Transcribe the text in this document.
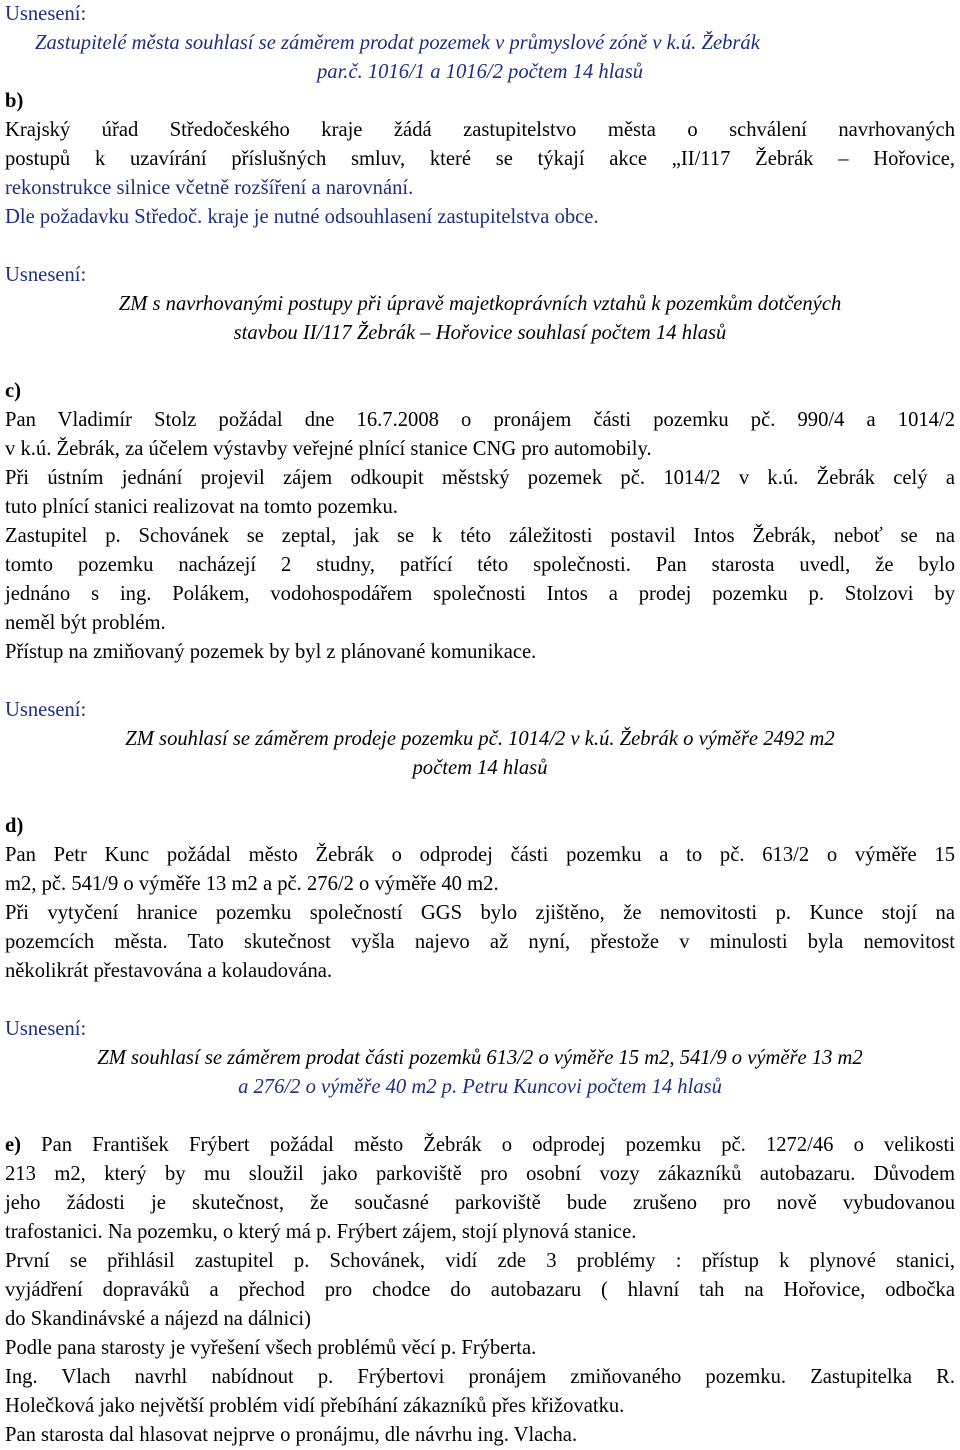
Usnesení:
Zastupitelé města souhlasí se záměrem prodat pozemek v průmyslové zóně v k.ú. Žebrák
par.č. 1016/1 a 1016/2 počtem 14 hlasů
b)
Krajský úřad Středočeského kraje žádá zastupitelstvo města o schválení navrhovaných
postupů k uzavírání příslušných smluv, které se týkají akce „II/117 Žebrák – Hořovice,
rekonstrukce silnice včetně rozšíření a narovnání.
Dle požadavku Středoč. kraje je nutné odsouhlasení zastupitelstva obce.
Usnesení:
ZM s navrhovanými postupy při úpravě majetkoprávních vztahů k pozemkům dotčených
stavbou II/117 Žebrák – Hořovice souhlasí počtem 14 hlasů
c)
Pan Vladimír Stolz požádal dne 16.7.2008 o pronájem části pozemku pč. 990/4 a 1014/2
v k.ú. Žebrák, za účelem výstavby veřejné plnící stanice CNG pro automobily.
Při ústním jednání projevil zájem odkoupit městský pozemek pč. 1014/2 v k.ú. Žebrák celý a
tuto plnící stanici realizovat na tomto pozemku.
Zastupitel p. Schovánek se zeptal, jak se k této záležitosti postavil Intos Žebrák, neboť se na
tomto pozemku nacházejí 2 studny, patřící této společnosti. Pan starosta uvedl, že bylo
jednáno s ing. Polákem, vodohospodářem společnosti Intos a prodej pozemku p. Stolzovi by
neměl být problém.
Přístup na zmiňovaný pozemek by byl z plánované komunikace.
Usnesení:
ZM souhlasí se záměrem prodeje pozemku pč. 1014/2 v k.ú. Žebrák o výměře 2492 m2
počtem 14 hlasů
d)
Pan Petr Kunc požádal město Žebrák o odprodej části pozemku a to pč. 613/2 o výměře 15
m2, pč. 541/9 o výměře 13 m2 a pč. 276/2 o výměře 40 m2.
Při vytyčení hranice pozemku společností GGS bylo zjištěno, že nemovitosti p. Kunce stojí na
pozemcích města. Tato skutečnost vyšla najevo až nyní, přestože v minulosti byla nemovitost
několikrát přestavována a kolaudována.
Usnesení:
ZM souhlasí se záměrem prodat části pozemků 613/2 o výměře 15 m2, 541/9 o výměře 13 m2
a 276/2 o výměře 40 m2 p. Petru Kuncovi počtem 14 hlasů
e) Pan František Frýbert požádal město Žebrák o odprodej pozemku pč. 1272/46 o velikosti
213 m2, který by mu sloužil jako parkoviště pro osobní vozy zákazníků autobazaru. Důvodem
jeho žádosti je skutečnost, že současné parkoviště bude zrušeno pro nově vybudovanou
trafostanici. Na pozemku, o který má p. Frýbert zájem, stojí plynová stanice.
První se přihlásil zastupitel p. Schovánek, vidí zde 3 problémy : přístup k plynové stanici,
vyjádření dopraváků a přechod pro chodce do autobazaru ( hlavní tah na Hořovice, odbočka
do Skandinávské a nájezd na dálnici)
Podle pana starosty je vyřešení všech problémů věcí p. Frýberta.
Ing. Vlach navrhl nabídnout p. Frýbertovi pronájem zmiňovaného pozemku. Zastupitelka R.
Holečková jako největší problém vidí přebíhání zákazníků přes křižovatku.
Pan starosta dal hlasovat nejprve o pronájmu, dle návrhu ing. Vlacha.
